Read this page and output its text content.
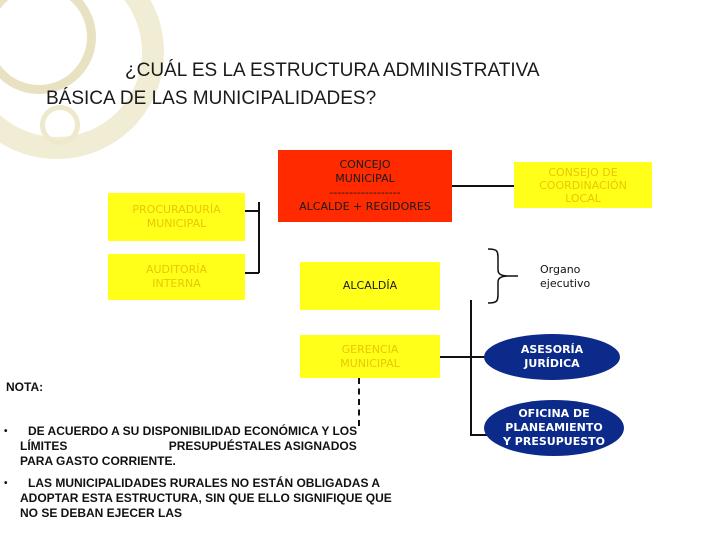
¿CUÁL ES LA ESTRUCTURA ADMINISTRATIVA
BÁSICA DE LAS MUNICIPALIDADES?
CONCEJO
MUNICIPAL
------------------
ALCALDE + REGIDORES
PROCURADURÍA
MUNICIPAL
AUDITORÍA
INTERNA	ALCALDÍA
GERENCIA
MUNICIPAL
CONSEJO DE
COORDINACIÓN
LOCAL
ASESORÍA
JURÍDICA
OFICINA DE
PLANEAMIENTO
Y PRESUPUESTO
Organo
ejecutivo
NOTA:
•	DE ACUERDO A SU DISPONIBILIDAD ECONÓMICA Y LOS
LÍMITES	PRESUPUÉSTALES ASIGNADOS
PARA GASTO CORRIENTE.
•	LAS MUNICIPALIDADES RURALES NO ESTÁN OBLIGADAS A
ADOPTAR ESTA ESTRUCTURA, SIN QUE ELLO SIGNIFIQUE QUE
NO SE DEBAN EJECER LAS
